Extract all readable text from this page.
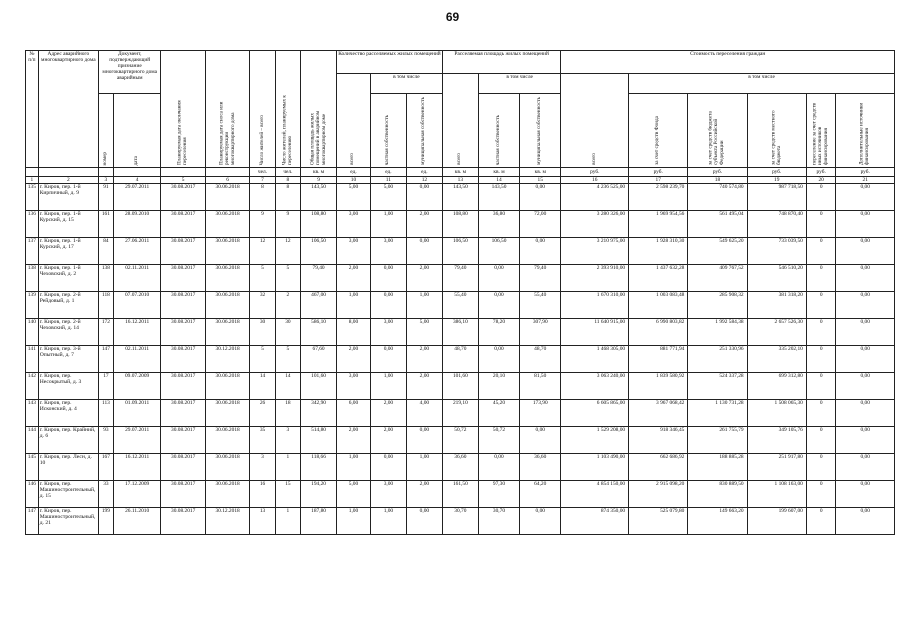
69
№ п/п	Адрес аварийного многоквартирного дома	Документ, подтверждающий признание многоквартирного дома аварийным		Планируемая дата окончания переселения	Планируемая дата сноса или реконструкции многоквартирного дома	Число жителей – всего	Число жителей, планируемых к переселению	Общая площадь жилых помещений в аварийном многоквартирном доме	Количество расселяемых жилых помещений			Расселяемая площадь жилых помещений			Стоимость переселения граждан					

									всего	в том числе		всего	в том числе		всего	в том числе				

		номер	дата							частная собственность	муниципальная собственность		частная собственность	муниципальная собственность		за счет средств Фонда	за счет средств бюджета субъекта Российской Федерации	за счет средств местного бюджета	переселение за счет средств иных источников финансирования	Дополнительные источники финансирования

						чел.	чел.	кв. м	ед.	ед.	ед.	кв. м	кв. м	кв. м	руб.	руб.	руб.	руб.	руб.	руб.
1	2	3	4	5	6	7	8	9	10	11	12	13	14	15	16	17	18	19	20	21
135	г. Киров, пер. 1-й Кирпичный, д. 9	91	29.07.2011	30.08.2017	30.06.2018	8	8	143,50	5,00	5,00	0,00	143,50	143,50	0,00	4 236 525,00	2 598 239,70	740 574,80	987 718,50	0	0,00
136	г. Киров, пер. 1-й Курский, д. 15	161	28.09.2010	30.08.2017	30.06.2018	9	9	108,80	3,00	1,00	2,00	108,80	36,80	72,00	3 280 326,00	1 969 954,56	561 495,04	748 870,40	0	0,00
137	г. Киров, пер. 1-й Курский, д. 17	84	27.06.2011	30.08.2017	30.06.2018	12	12	106,50	3,00	3,00	0,00	106,50	106,50	0,00	3 210 975,00	1 928 310,30	549 625,20	733 039,50	0	0,00
138	г. Киров, пер. 1-й Чеховский, д. 2	138	02.11.2011	30.08.2017	30.06.2018	5	5	79,40	2,00	0,00	2,00	79,40	0,00	79,40	2 393 910,00	1 437 632,28	409 767,52	546 510,20	0	0,00
139	г. Киров, пер. 2-й Рейдовый, д. 1	118	07.07.2010	30.08.2017	30.06.2018	32	2	467,00	1,00	0,00	1,00	55,40	0,00	55,40	1 670 310,00	1 003 083,48	285 908,32	381 318,20	0	0,00
140	г. Киров, пер. 2-й Чеховский, д. 14	172	16.12.2011	30.08.2017	30.06.2018	30	30	586,10	8,00	3,00	5,00	386,10	78,20	307,90	11 640 915,00	6 990 803,82	1 992 584,38	2 657 526,30	0	0,00
141	г. Киров, пер. 3-й Опытный, д. 7	147	02.11.2011	30.08.2017	30.12.2018	5	5	67,60	2,00	0,00	2,00	48,70	0,00	48,70	1 468 305,00	881 771,94	251 330,96	335 202,10	0	0,00
142	г. Киров, пер. Несокрытый, д. 3	17	09.07.2009	30.08.2017	30.06.2018	14	14	101,60	3,00	1,00	2,00	101,60	20,10	81,50	3 063 240,00	1 839 580,92	524 337,28	699 312,80	0	0,00
143	г. Киров, пер. Исконский, д. 4	113	01.09.2011	30.08.2017	30.06.2018	26	18	342,90	6,00	2,00	4,00	219,10	45,20	173,90	6 605 865,00	3 967 068,42	1 130 731,28	1 508 065,30	0	0,00
144	г. Киров, пер. Крайний, д. 6	93	29.07.2011	30.08.2017	30.06.2018	35	3	514,80	2,00	2,00	0,00	50,72	50,72	0,00	1 529 208,00	918 346,45	261 755,79	349 105,76	0	0,00
145	г. Киров, пер. Лесн, д. 10	167	16.12.2011	30.08.2017	30.06.2018	3	1	118,66	1,00	0,00	1,00	36,60	0,00	36,60	1 103 490,00	662 686,92	188 885,28	251 917,80	0	0,00
146	г. Киров, пер. Машиностроительный, д. 15	33	17.12.2009	30.08.2017	30.06.2018	16	15	194,20	5,00	3,00	2,00	161,50	97,30	64,20	4 854 150,00	2 915 098,20	830 889,50	1 108 163,00	0	0,00
147	г. Киров, пер. Машиностроительный, д. 21	199	26.11.2010	30.08.2017	30.12.2018	13	1	187,80	1,00	1,00	0,00	30,70	30,70	0,00	874 350,00	525 079,80	149 663,20	199 607,00	0	0,00
